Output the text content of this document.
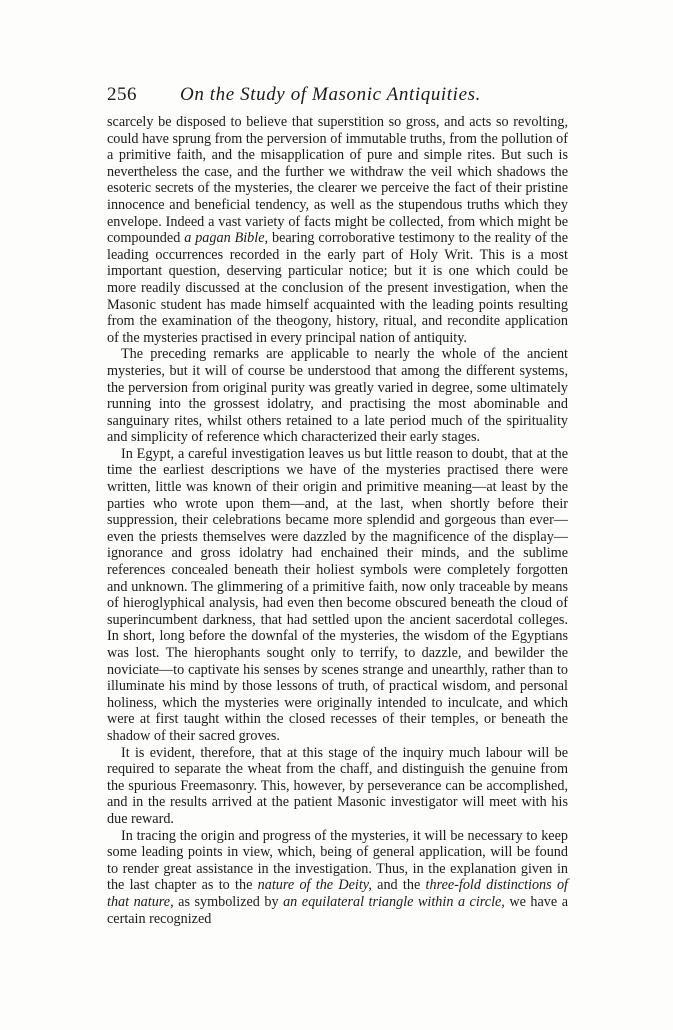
256 On the Study of Masonic Antiquities.

scarcely be disposed to believe that superstition so gross, and acts so revolting, could have sprung from the perversion of immutable truths, from the pollution of a primitive faith, and the misapplication of pure and simple rites. But such is nevertheless the case, and the further we withdraw the veil which shadows the esoteric secrets of the mysteries, the clearer we perceive the fact of their pristine innocence and beneficial tendency, as well as the stupendous truths which they envelope. Indeed a vast variety of facts might be collected, from which might be compounded a pagan Bible, bearing corroborative testimony to the reality of the leading occurrences recorded in the early part of Holy Writ. This is a most important question, deserving particular notice; but it is one which could be more readily discussed at the conclusion of the present investigation, when the Masonic student has made himself acquainted with the leading points resulting from the examination of the theogony, history, ritual, and recondite application of the mysteries practised in every principal nation of antiquity.

The preceding remarks are applicable to nearly the whole of the ancient mysteries, but it will of course be understood that among the different systems, the perversion from original purity was greatly varied in degree, some ultimately running into the grossest idolatry, and practising the most abominable and sanguinary rites, whilst others retained to a late period much of the spirituality and simplicity of reference which characterized their early stages.

In Egypt, a careful investigation leaves us but little reason to doubt, that at the time the earliest descriptions we have of the mysteries practised there were written, little was known of their origin and primitive meaning—at least by the parties who wrote upon them—and, at the last, when shortly before their suppression, their celebrations became more splendid and gorgeous than ever—even the priests themselves were dazzled by the magnificence of the display—ignorance and gross idolatry had enchained their minds, and the sublime references concealed beneath their holiest symbols were completely forgotten and unknown. The glimmering of a primitive faith, now only traceable by means of hieroglyphical analysis, had even then become obscured beneath the cloud of superincumbent darkness, that had settled upon the ancient sacerdotal colleges. In short, long before the downfal of the mysteries, the wisdom of the Egyptians was lost. The hierophants sought only to terrify, to dazzle, and bewilder the noviciate—to captivate his senses by scenes strange and unearthly, rather than to illuminate his mind by those lessons of truth, of practical wisdom, and personal holiness, which the mysteries were originally intended to inculcate, and which were at first taught within the closed recesses of their temples, or beneath the shadow of their sacred groves.

It is evident, therefore, that at this stage of the inquiry much labour will be required to separate the wheat from the chaff, and distinguish the genuine from the spurious Freemasonry. This, however, by perseverance can be accomplished, and in the results arrived at the patient Masonic investigator will meet with his due reward.

In tracing the origin and progress of the mysteries, it will be necessary to keep some leading points in view, which, being of general application, will be found to render great assistance in the investigation. Thus, in the explanation given in the last chapter as to the nature of the Deity, and the three-fold distinctions of that nature, as symbolized by an equilateral triangle within a circle, we have a certain recognized
